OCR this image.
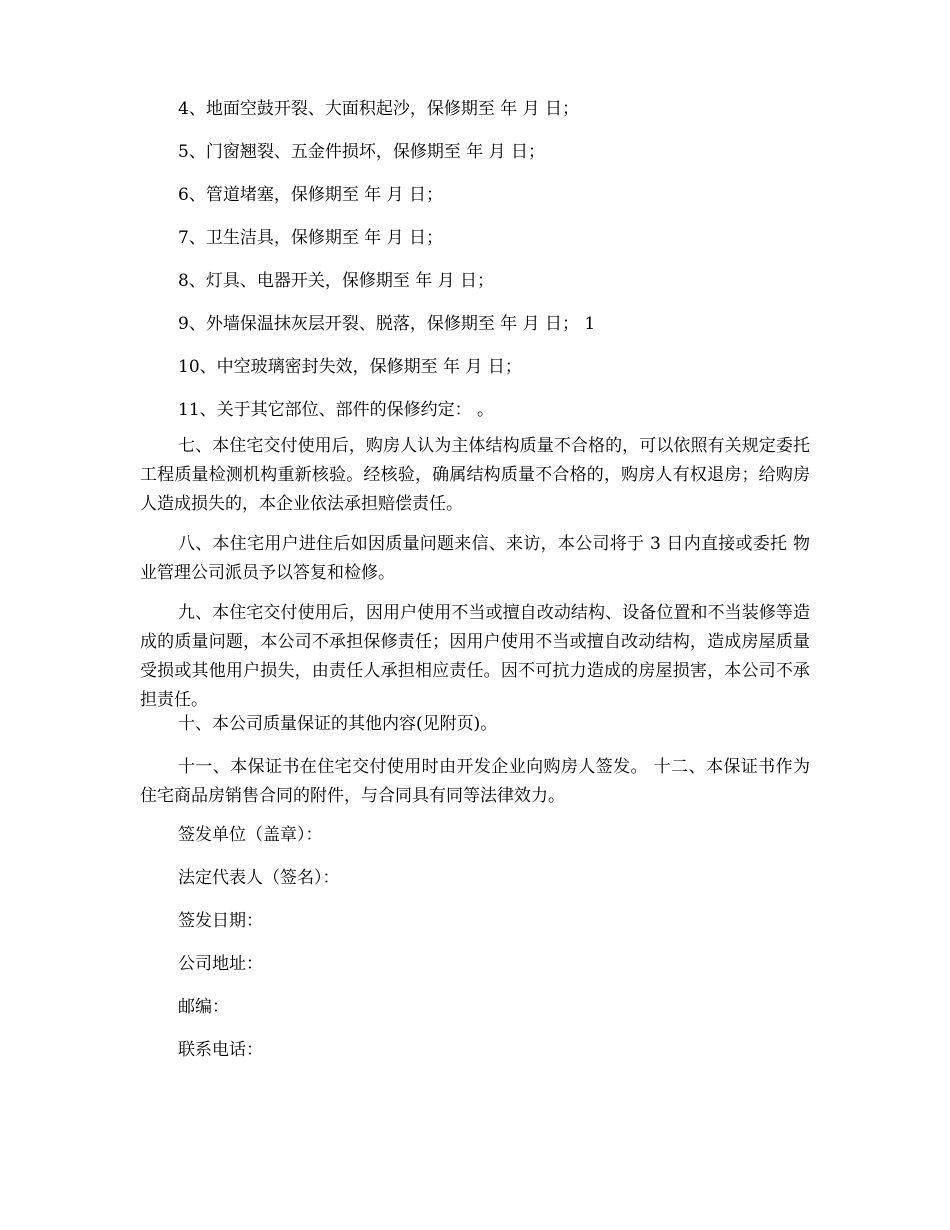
4、地面空鼓开裂、大面积起沙，保修期至 年 月 日；
5、门窗翘裂、五金件损坏，保修期至 年 月 日；
6、管道堵塞，保修期至 年 月 日；
7、卫生洁具，保修期至 年 月 日；
8、灯具、电器开关，保修期至 年 月 日；
9、外墙保温抹灰层开裂、脱落，保修期至 年 月 日； 1
10、中空玻璃密封失效，保修期至 年 月 日；
11、关于其它部位、部件的保修约定： 。

七、本住宅交付使用后，购房人认为主体结构质量不合格的，可以依照有关规定委托工程质量检测机构重新核验。经核验，确属结构质量不合格的，购房人有权退房；给购房人造成损失的，本企业依法承担赔偿责任。

八、本住宅用户进住后如因质量问题来信、来访，本公司将于 3 日内直接或委托 物业管理公司派员予以答复和检修。

九、本住宅交付使用后，因用户使用不当或擅自改动结构、设备位置和不当装修等造成的质量问题，本公司不承担保修责任；因用户使用不当或擅自改动结构，造成房屋质量受损或其他用户损失，由责任人承担相应责任。因不可抗力造成的房屋损害，本公司不承担责任。

十、本公司质量保证的其他内容(见附页)。

十一、本保证书在住宅交付使用时由开发企业向购房人签发。 十二、本保证书作为住宅商品房销售合同的附件，与合同具有同等法律效力。

签发单位（盖章）：
法定代表人（签名）：
签发日期：
公司地址：
邮编：
联系电话：
